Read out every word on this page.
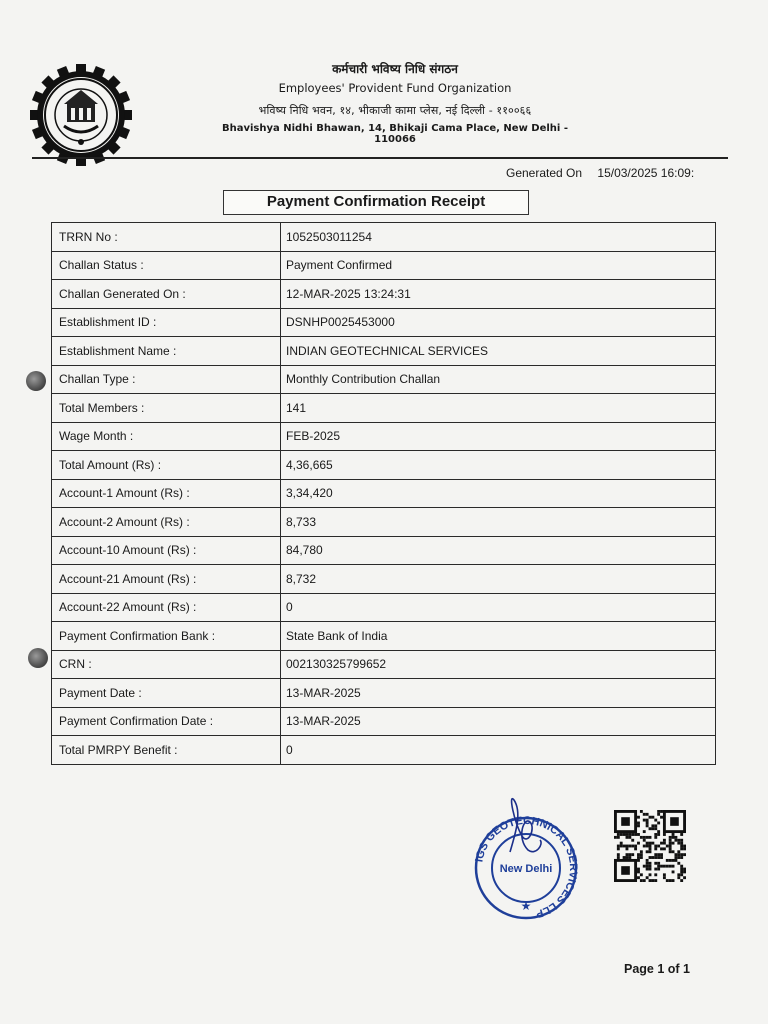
कर्मचारी भविष्य निधि संगठन

Employees' Provident Fund Organization

भविष्य निधि भवन, १४, भीकाजी कामा प्लेस, नई दिल्ली - ११००६६

Bhavishya Nidhi Bhawan, 14, Bhikaji Cama Place, New Delhi - 110066

Generated On 15/03/2025 16:09:
Payment Confirmation Receipt
TRRN No :	1052503011254
Challan Status :	Payment Confirmed
Challan Generated On :	12-MAR-2025 13:24:31
Establishment ID :	DSNHP0025453000
Establishment Name :	INDIAN GEOTECHNICAL SERVICES
Challan Type :	Monthly Contribution Challan
Total Members :	141
Wage Month :	FEB-2025
Total Amount (Rs) :	4,36,665
Account-1 Amount (Rs) :	3,34,420
Account-2 Amount (Rs) :	8,733
Account-10 Amount (Rs) :	84,780
Account-21 Amount (Rs) :	8,732
Account-22 Amount (Rs) :	0
Payment Confirmation Bank :	State Bank of India
CRN :	002130325799652
Payment Date :	13-MAR-2025
Payment Confirmation Date :	13-MAR-2025
Total PMRPY Benefit :	0
IGS GEOTECHNICAL SERVICES LLP
New Delhi
★
Page 1 of 1
